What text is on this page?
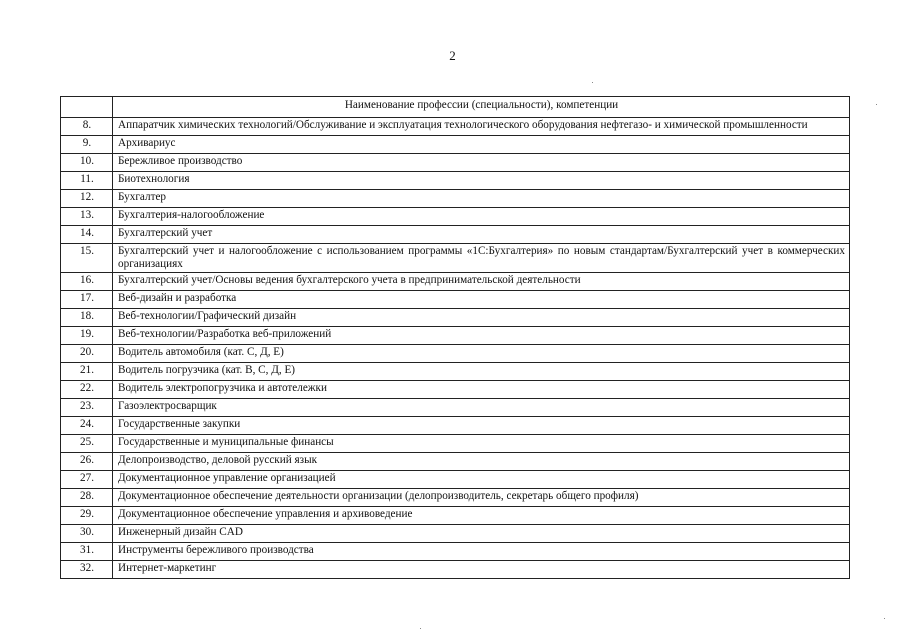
2
	Наименование профессии (специальности), компетенции
8.	Аппаратчик химических технологий/Обслуживание и эксплуатация технологического оборудования нефтегазо- и химической промышленности
9.	Архивариус
10.	Бережливое производство
11.	Биотехнология
12.	Бухгалтер
13.	Бухгалтерия-налогообложение
14.	Бухгалтерский учет
15.	Бухгалтерский учет и налогообложение с использованием программы «1С:Бухгалтерия» по новым стандартам/Бухгалтерский учет в коммерческих организациях
16.	Бухгалтерский учет/Основы ведения бухгалтерского учета в предпринимательской деятельности
17.	Веб-дизайн и разработка
18.	Веб-технологии/Графический дизайн
19.	Веб-технологии/Разработка веб-приложений
20.	Водитель автомобиля (кат. С, Д, Е)
21.	Водитель погрузчика (кат. В, С, Д, Е)
22.	Водитель электропогрузчика и автотележки
23.	Газоэлектросварщик
24.	Государственные закупки
25.	Государственные и муниципальные финансы
26.	Делопроизводство, деловой русский язык
27.	Документационное управление организацией
28.	Документационное обеспечение деятельности организации (делопроизводитель, секретарь общего профиля)
29.	Документационное обеспечение управления и архивоведение
30.	Инженерный дизайн CAD
31.	Инструменты бережливого производства
32.	Интернет-маркетинг
